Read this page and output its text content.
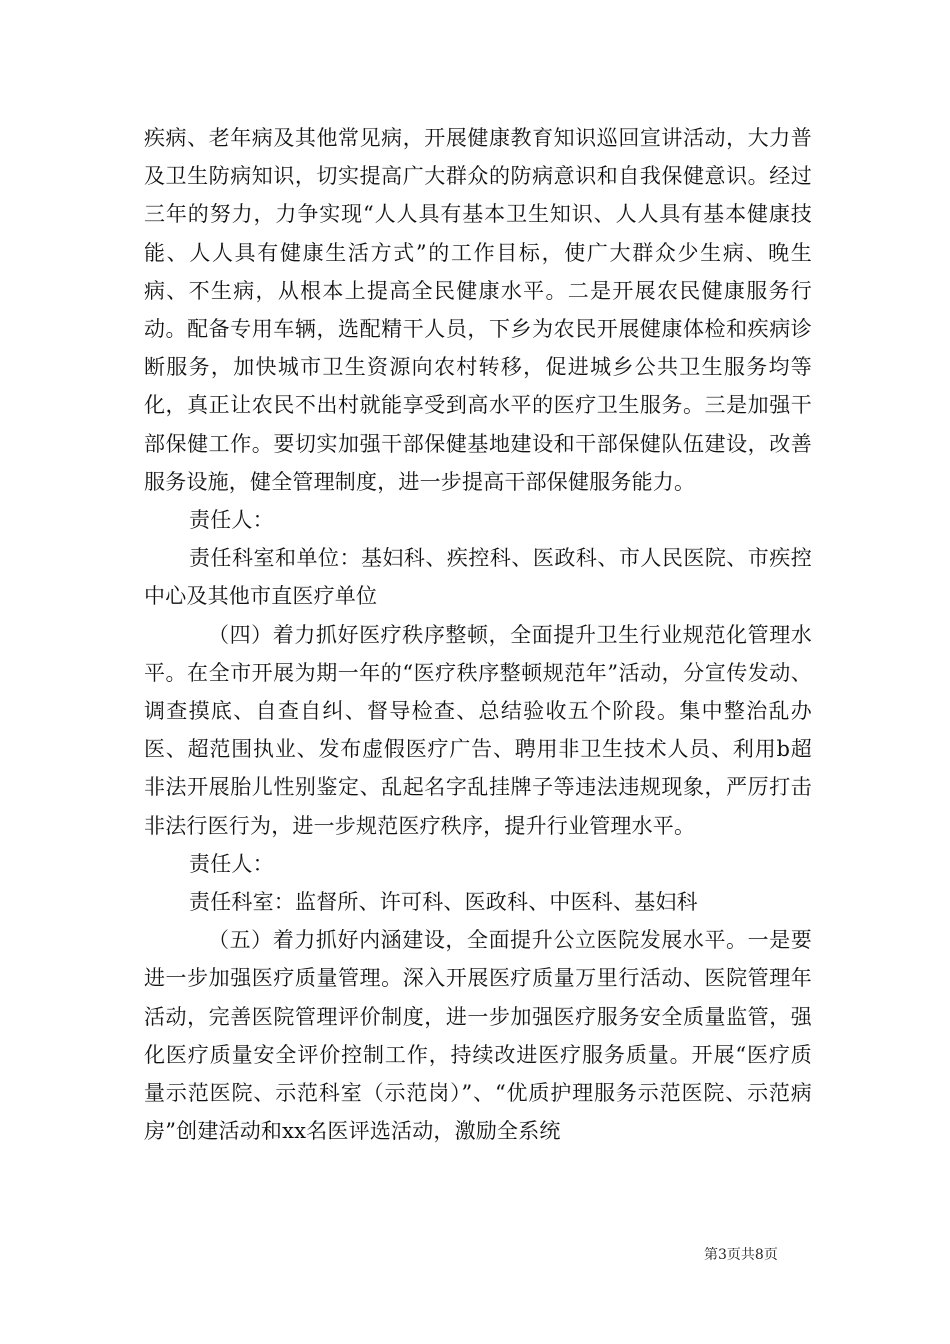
疾病、老年病及其他常见病，开展健康教育知识巡回宣讲活动，大力普及卫生防病知识，切实提高广大群众的防病意识和自我保健意识。经过三年的努力，力争实现“人人具有基本卫生知识、人人具有基本健康技能、人人具有健康生活方式”的工作目标，使广大群众少生病、晚生病、不生病，从根本上提高全民健康水平。二是开展农民健康服务行动。配备专用车辆，选配精干人员，下乡为农民开展健康体检和疾病诊断服务，加快城市卫生资源向农村转移，促进城乡公共卫生服务均等化，真正让农民不出村就能享受到高水平的医疗卫生服务。三是加强干部保健工作。要切实加强干部保健基地建设和干部保健队伍建设，改善服务设施，健全管理制度，进一步提高干部保健服务能力。

责任人：

责任科室和单位：基妇科、疾控科、医政科、市人民医院、市疾控中心及其他市直医疗单位

（四）着力抓好医疗秩序整顿，全面提升卫生行业规范化管理水平。在全市开展为期一年的“医疗秩序整顿规范年”活动，分宣传发动、调查摸底、自查自纠、督导检查、总结验收五个阶段。集中整治乱办医、超范围执业、发布虚假医疗广告、聘用非卫生技术人员、利用b超非法开展胎儿性别鉴定、乱起名字乱挂牌子等违法违规现象，严厉打击非法行医行为，进一步规范医疗秩序，提升行业管理水平。

责任人：

责任科室：监督所、许可科、医政科、中医科、基妇科

（五）着力抓好内涵建设，全面提升公立医院发展水平。一是要进一步加强医疗质量管理。深入开展医疗质量万里行活动、医院管理年活动，完善医院管理评价制度，进一步加强医疗服务安全质量监管，强化医疗质量安全评价控制工作，持续改进医疗服务质量。开展“医疗质量示范医院、示范科室（示范岗）”、“优质护理服务示范医院、示范病房”创建活动和xx名医评选活动，激励全系统

第3页共8页
